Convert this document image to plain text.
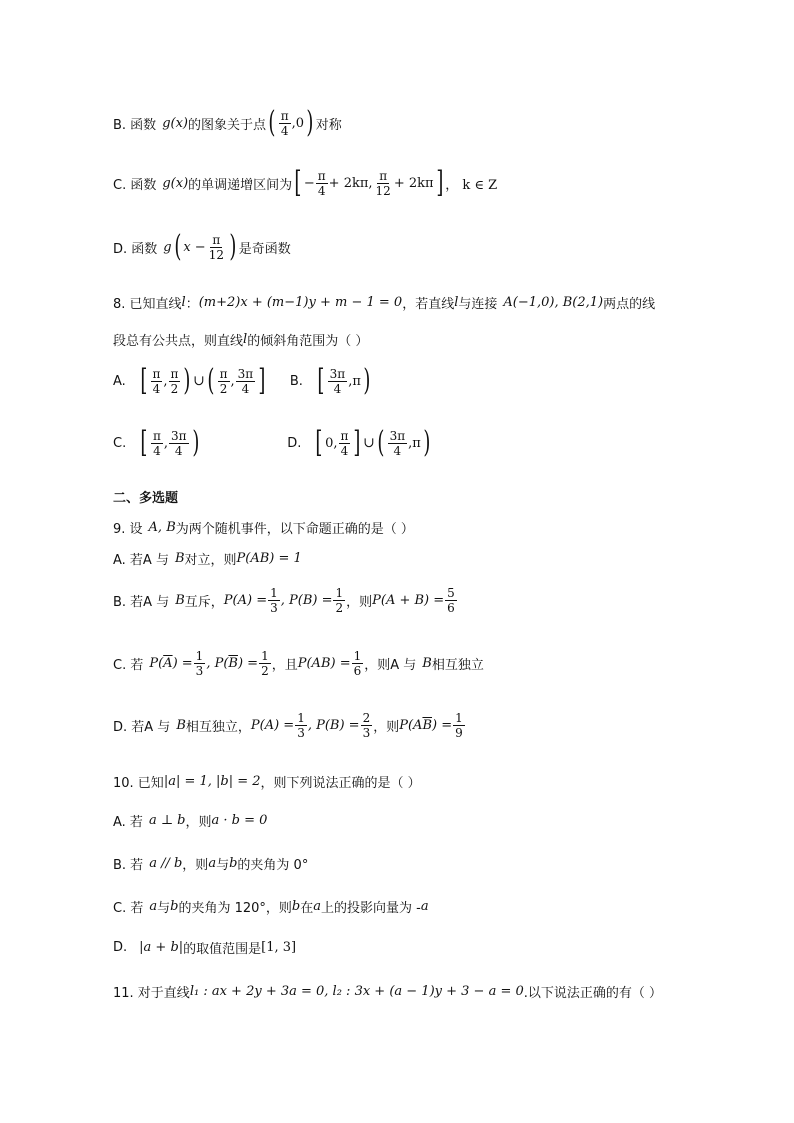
B. 函数 g(x) 的图象关于点 ( $\frac{\pi}{4} ,0$ ) 对称
C. 函数 g(x) 的单调递增区间为 [ − $\frac{\pi}{4} + 2k\pi$, $\frac{\pi}{12} + 2k\pi$ ] ， k ∈ Z
D. 函数 g ( $x - \frac{\pi}{12}$ ) 是奇函数
8. 已知直线 l ： (m+2)x + (m−1)y + m − 1 = 0 ，若直线 l 与连接 A(−1,0), B(2,1) 两点的线
段总有公共点，则直线 l 的倾斜角范围为（ ）
A. [ $\frac{\pi}{4}$ , $\frac{\pi}{2}$ ) ∪ ( $\frac{\pi}{2}$ , $\frac{3\pi}{4}$ ] B. [ $\frac{3\pi}{4} ,\pi$ )
C. [ $\frac{\pi}{4}$ , $\frac{3\pi}{4}$ )	D. [ 0, $\frac{\pi}{4}$ ] ∪ ( $\frac{3\pi}{4} ,\pi$ )
二、多选题
9. 设 A, B 为两个随机事件，以下命题正确的是（ ）
A. 若A 与 B 对立，则 P(AB) = 1
B. 若A 与 B 互斥， $P(A) = \frac{1}{3}$ , $P(B) = \frac{1}{2}$ ，则 $P(A + B) = \frac{5}{6}$
C. 若 P( $\overline{A}$ ) = $\frac{1}{3}$ , P( $\overline{B}$ ) = $\frac{1}{2}$ ，且 $P(AB) = \frac{1}{6}$ ，则A 与 B 相互独立
D. 若A 与 B 相互独立， $P(A) = \frac{1}{3}$ , $P(B) = \frac{2}{3}$ ，则 P(A $\overline{B}$ ) = $\frac{1}{9}$
10. 已知 |a| = 1, |b| = 2 ，则下列说法正确的是（ ）
A. 若 a ⊥ b ，则 a · b = 0
B. 若 a // b ，则 a 与 b 的夹角为 0°
C. 若 a 与 b 的夹角为 120°，则 b 在 a 上的投影向量为 - a
D. |a + b| 的取值范围是 [1, 3]
11. 对于直线 l₁ : ax + 2y + 3a = 0, l₂ : 3x + (a − 1)y + 3 − a = 0 .以下说法正确的有（ ）
